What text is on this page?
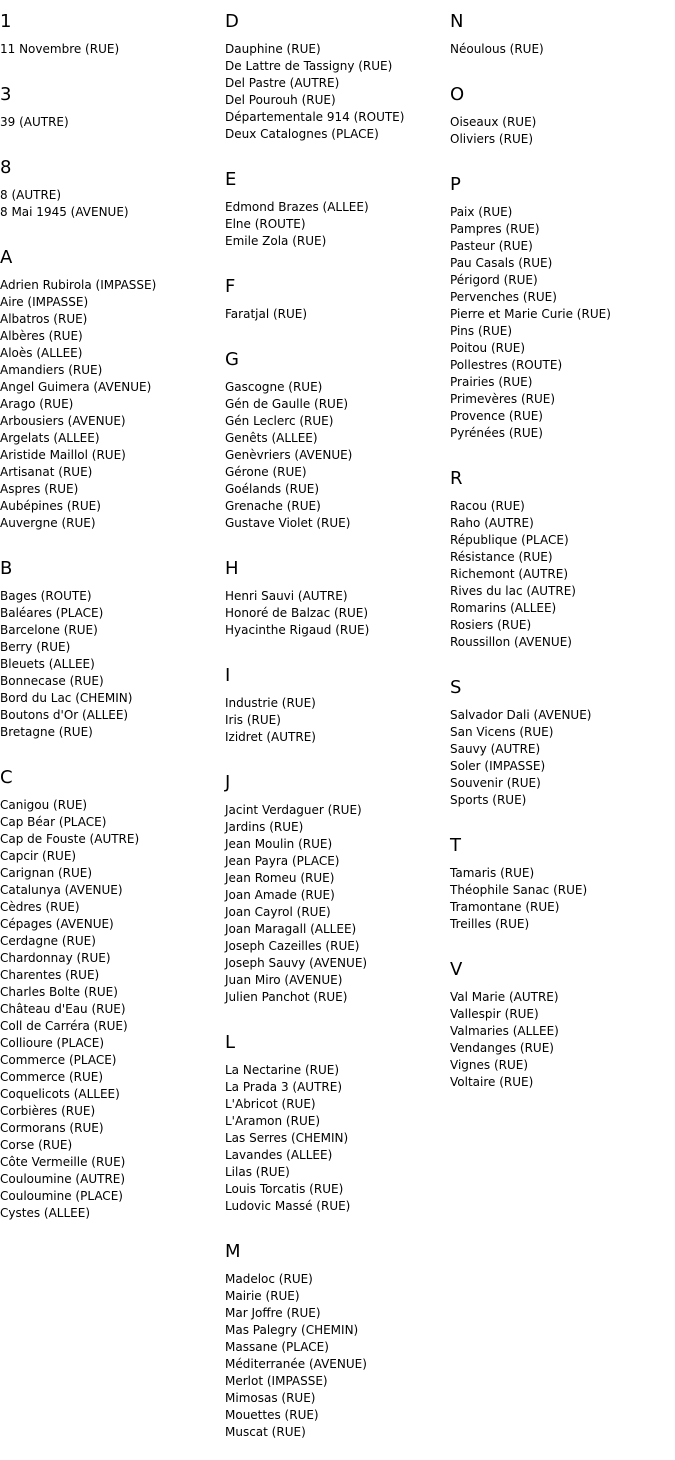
1
11 Novembre (RUE)
3
39 (AUTRE)
8
8 (AUTRE)
8 Mai 1945 (AVENUE)
A
Adrien Rubirola (IMPASSE)
Aire (IMPASSE)
Albatros (RUE)
Albères (RUE)
Aloès (ALLEE)
Amandiers (RUE)
Angel Guimera (AVENUE)
Arago (RUE)
Arbousiers (AVENUE)
Argelats (ALLEE)
Aristide Maillol (RUE)
Artisanat (RUE)
Aspres (RUE)
Aubépines (RUE)
Auvergne (RUE)
B
Bages (ROUTE)
Baléares (PLACE)
Barcelone (RUE)
Berry (RUE)
Bleuets (ALLEE)
Bonnecase (RUE)
Bord du Lac (CHEMIN)
Boutons d'Or (ALLEE)
Bretagne (RUE)
C
Canigou (RUE)
Cap Béar (PLACE)
Cap de Fouste (AUTRE)
Capcir (RUE)
Carignan (RUE)
Catalunya (AVENUE)
Cèdres (RUE)
Cépages (AVENUE)
Cerdagne (RUE)
Chardonnay (RUE)
Charentes (RUE)
Charles Bolte (RUE)
Château d'Eau (RUE)
Coll de Carréra (RUE)
Collioure (PLACE)
Commerce (PLACE)
Commerce (RUE)
Coquelicots (ALLEE)
Corbières (RUE)
Cormorans (RUE)
Corse (RUE)
Côte Vermeille (RUE)
Couloumine (AUTRE)
Couloumine (PLACE)
Cystes (ALLEE)
D
Dauphine (RUE)
De Lattre de Tassigny (RUE)
Del Pastre (AUTRE)
Del Pourouh (RUE)
Départementale 914 (ROUTE)
Deux Catalognes (PLACE)
E
Edmond Brazes (ALLEE)
Elne (ROUTE)
Emile Zola (RUE)
F
Faratjal (RUE)
G
Gascogne (RUE)
Gén de Gaulle (RUE)
Gén Leclerc (RUE)
Genêts (ALLEE)
Genèvriers (AVENUE)
Gérone (RUE)
Goélands (RUE)
Grenache (RUE)
Gustave Violet (RUE)
H
Henri Sauvi (AUTRE)
Honoré de Balzac (RUE)
Hyacinthe Rigaud (RUE)
I
Industrie (RUE)
Iris (RUE)
Izidret (AUTRE)
J
Jacint Verdaguer (RUE)
Jardins (RUE)
Jean Moulin (RUE)
Jean Payra (PLACE)
Jean Romeu (RUE)
Joan Amade (RUE)
Joan Cayrol (RUE)
Joan Maragall (ALLEE)
Joseph Cazeilles (RUE)
Joseph Sauvy (AVENUE)
Juan Miro (AVENUE)
Julien Panchot (RUE)
L
La Nectarine (RUE)
La Prada 3 (AUTRE)
L'Abricot (RUE)
L'Aramon (RUE)
Las Serres (CHEMIN)
Lavandes (ALLEE)
Lilas (RUE)
Louis Torcatis (RUE)
Ludovic Massé (RUE)
M
Madeloc (RUE)
Mairie (RUE)
Mar Joffre (RUE)
Mas Palegry (CHEMIN)
Massane (PLACE)
Méditerranée (AVENUE)
Merlot (IMPASSE)
Mimosas (RUE)
Mouettes (RUE)
Muscat (RUE)
N
Néoulous (RUE)
O
Oiseaux (RUE)
Oliviers (RUE)
P
Paix (RUE)
Pampres (RUE)
Pasteur (RUE)
Pau Casals (RUE)
Périgord (RUE)
Pervenches (RUE)
Pierre et Marie Curie (RUE)
Pins (RUE)
Poitou (RUE)
Pollestres (ROUTE)
Prairies (RUE)
Primevères (RUE)
Provence (RUE)
Pyrénées (RUE)
R
Racou (RUE)
Raho (AUTRE)
République (PLACE)
Résistance (RUE)
Richemont (AUTRE)
Rives du lac (AUTRE)
Romarins (ALLEE)
Rosiers (RUE)
Roussillon (AVENUE)
S
Salvador Dali (AVENUE)
San Vicens (RUE)
Sauvy (AUTRE)
Soler (IMPASSE)
Souvenir (RUE)
Sports (RUE)
T
Tamaris (RUE)
Théophile Sanac (RUE)
Tramontane (RUE)
Treilles (RUE)
V
Val Marie (AUTRE)
Vallespir (RUE)
Valmaries (ALLEE)
Vendanges (RUE)
Vignes (RUE)
Voltaire (RUE)
